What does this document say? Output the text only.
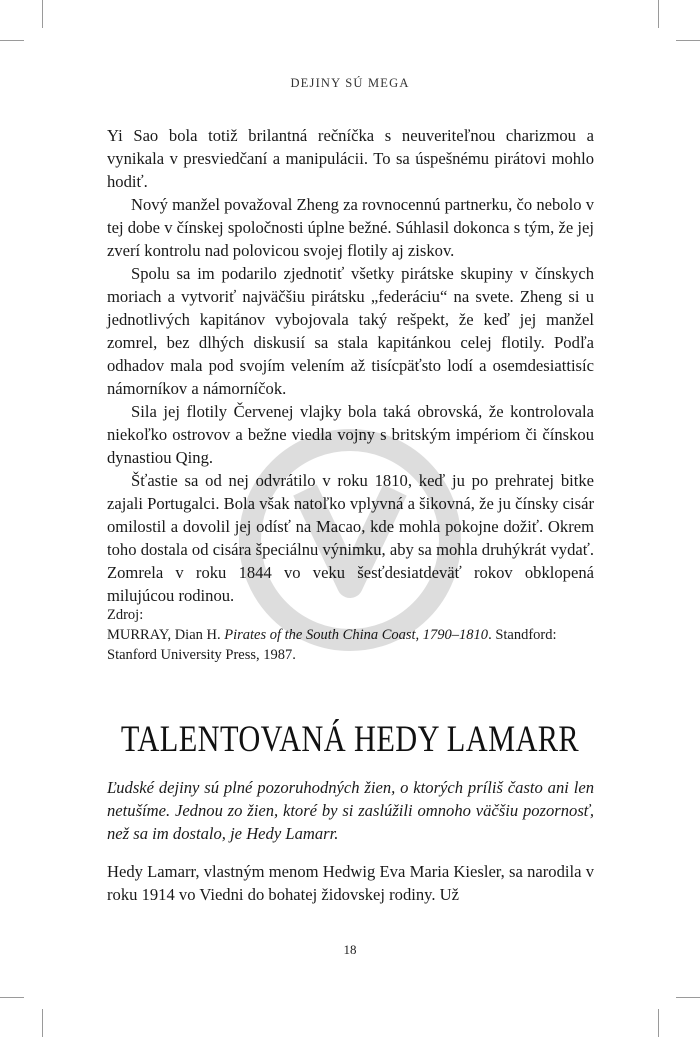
DEJINY SÚ MEGA

Yi Sao bola totiž brilantná rečníčka s neuveriteľnou charizmou a vynikala v presviedčaní a manipulácii. To sa úspešnému pirátovi mohlo hodiť.

Nový manžel považoval Zheng za rovnocennú partnerku, čo nebolo v tej dobe v čínskej spoločnosti úplne bežné. Súhlasil dokonca s tým, že jej zverí kontrolu nad polovicou svojej flotily aj ziskov.

Spolu sa im podarilo zjednotiť všetky pirátske skupiny v čínskych moriach a vytvoriť najväčšiu pirátsku „federáciu“ na svete. Zheng si u jednotlivých kapitánov vybojovala taký rešpekt, že keď jej manžel zomrel, bez dlhých diskusií sa stala kapitánkou celej flotily. Podľa odhadov mala pod svojím velením až tisícpäťsto lodí a osemdesiattisíc námorníkov a námorníčok.

Sila jej flotily Červenej vlajky bola taká obrovská, že kontrolovala niekoľko ostrovov a bežne viedla vojny s britským impériom či čínskou dynastiou Qing.

Šťastie sa od nej odvrátilo v roku 1810, keď ju po prehratej bitke zajali Portugalci. Bola však natoľko vplyvná a šikovná, že ju čínsky cisár omilostil a dovolil jej odísť na Macao, kde mohla pokojne dožiť. Okrem toho dostala od cisára špeciálnu výnimku, aby sa mohla druhýkrát vydať. Zomrela v roku 1844 vo veku šesťdesiatdeväť rokov obklopená milujúcou rodinou.

Zdroj:

MURRAY, Dian H. Pirates of the South China Coast, 1790–1810. Standford: Stanford University Press, 1987.

TALENTOVANÁ HEDY LAMARR

Ľudské dejiny sú plné pozoruhodných žien, o ktorých príliš často ani len netušíme. Jednou zo žien, ktoré by si zaslúžili omnoho väčšiu pozornosť, než sa im dostalo, je Hedy Lamarr.

Hedy Lamarr, vlastným menom Hedwig Eva Maria Kiesler, sa narodila v roku 1914 vo Viedni do bohatej židovskej rodiny. Už

18
